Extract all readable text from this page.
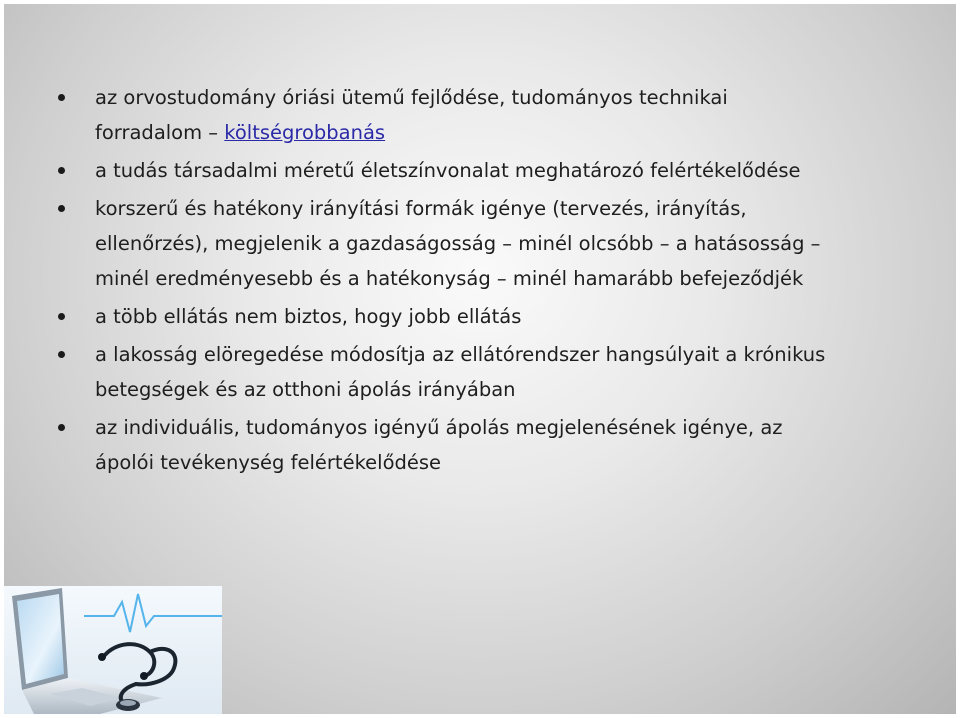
az orvostudomány óriási ütemű fejlődése, tudományos technikai
forradalom – költségrobbanás
a tudás társadalmi méretű életszínvonalat meghatározó felértékelődése
korszerű és hatékony irányítási formák igénye (tervezés, irányítás,
ellenőrzés), megjelenik a gazdaságosság – minél olcsóbb – a hatásosság –
minél eredményesebb és a hatékonyság – minél hamarább befejeződjék
a több ellátás nem biztos, hogy jobb ellátás
a lakosság elöregedése módosítja az ellátórendszer hangsúlyait a krónikus
betegségek és az otthoni ápolás irányában
az individuális, tudományos igényű ápolás megjelenésének igénye, az
ápolói tevékenység felértékelődése
